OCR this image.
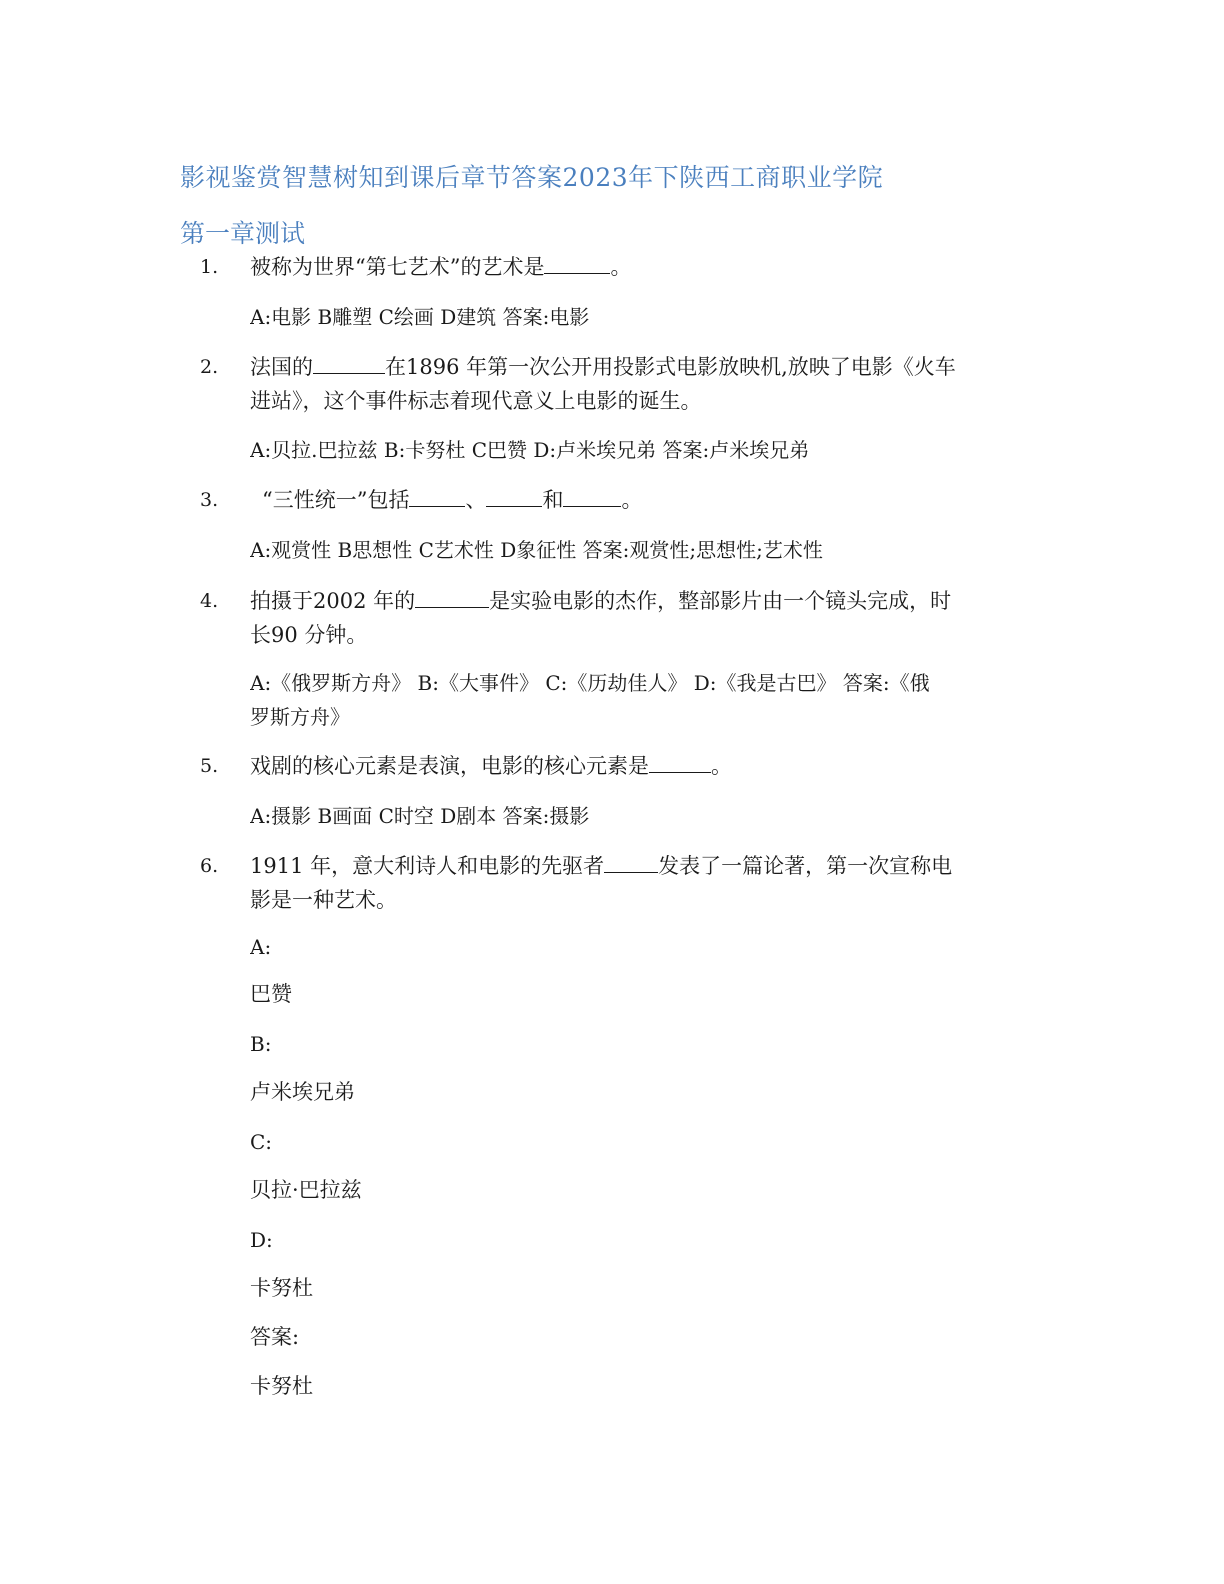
影视鉴赏智慧树知到课后章节答案2023年下陕西工商职业学院
第一章测试
1. 被称为世界“第七艺术”的艺术是	。
A:电影 B雕塑 C绘画 D建筑 答案:电影
2. 法国的	在1896 年第一次公开用投影式电影放映机,放映了电影《火车
进站》，这个事件标志着现代意义上电影的诞生。
A:贝拉.巴拉兹 B:卡努杜 C巴赞 D:卢米埃兄弟 答案:卢米埃兄弟
3. “三性统一”包括	、	和	。
A:观赏性 B思想性 C艺术性 D象征性 答案:观赏性;思想性;艺术性
4. 拍摄于2002 年的	是实验电影的杰作，整部影片由一个镜头完成，时
长90 分钟。
A:《俄罗斯方舟》 B:《大事件》 C:《历劫佳人》 D:《我是古巴》 答案:《俄
罗斯方舟》
5. 戏剧的核心元素是表演，电影的核心元素是	。
A:摄影 B画面 C时空 D剧本 答案:摄影
6. 1911 年，意大利诗人和电影的先驱者	发表了一篇论著，第一次宣称电
影是一种艺术。
A:
巴赞
B:
卢米埃兄弟
C:
贝拉·巴拉兹
D:
卡努杜
答案:
卡努杜
